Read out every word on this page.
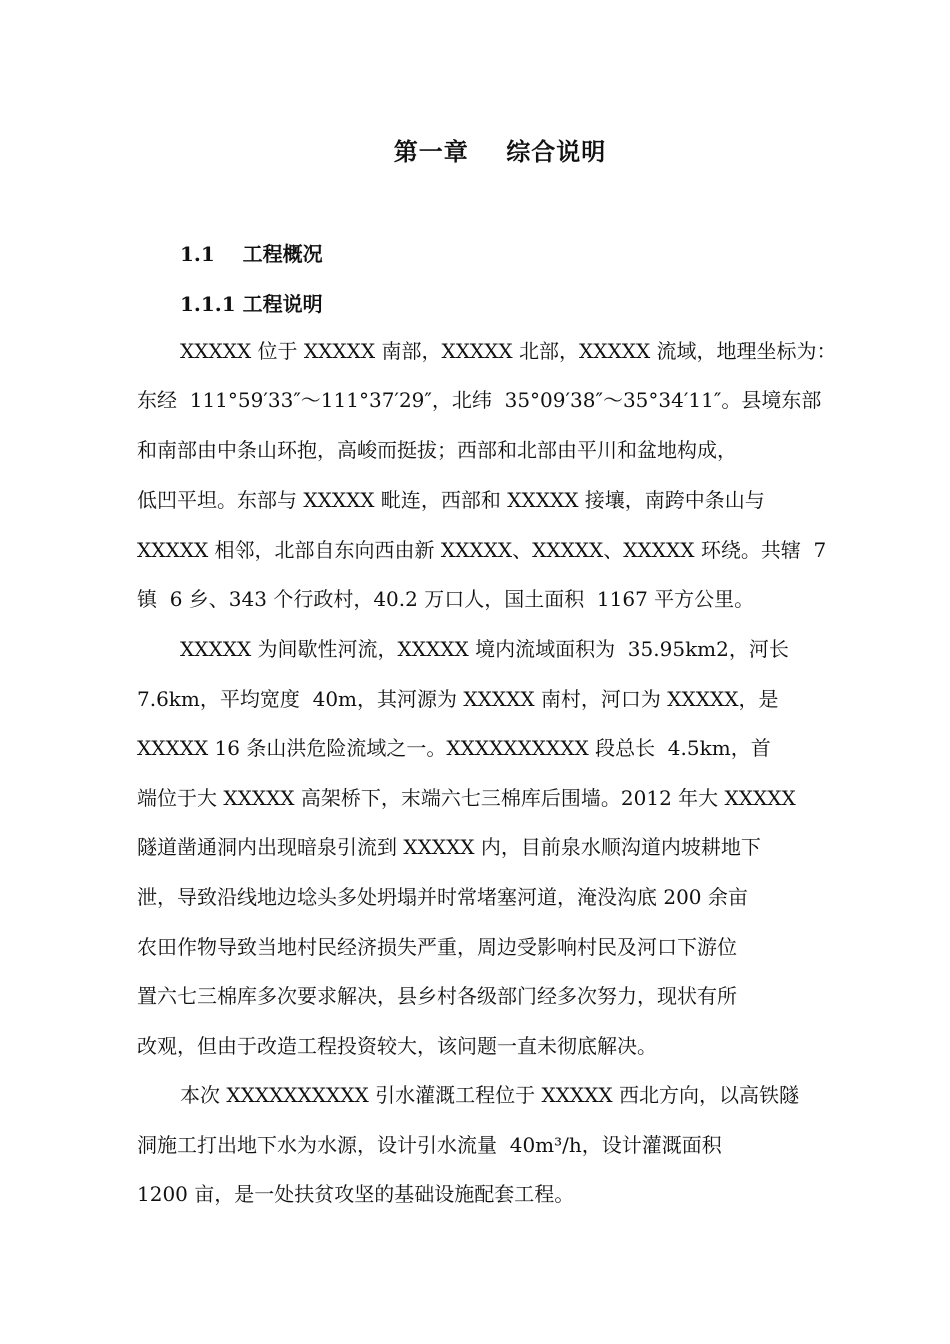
第一章    综合说明
1.1    工程概况
1.1.1 工程说明
XXXXX 位于 XXXXX 南部，XXXXX 北部，XXXXX 流域，地理坐标为：
东经  111°59′33″～111°37′29″，北纬  35°09′38″～35°34′11″。县境东部
和南部由中条山环抱，高峻而挺拔；西部和北部由平川和盆地构成，
低凹平坦。东部与 XXXXX 毗连，西部和 XXXXX 接壤，南跨中条山与
XXXXX 相邻，北部自东向西由新 XXXXX、XXXXX、XXXXX 环绕。共辖  7
镇  6 乡、343 个行政村，40.2 万口人，国土面积  1167 平方公里。
XXXXX 为间歇性河流，XXXXX 境内流域面积为  35.95km2，河长
7.6km，平均宽度  40m，其河源为 XXXXX 南村，河口为 XXXXX，是
XXXXX 16 条山洪危险流域之一。XXXXXXXXXX 段总长  4.5km，首
端位于大 XXXXX 高架桥下，末端六七三棉库后围墙。2012 年大 XXXXX
隧道凿通洞内出现暗泉引流到 XXXXX 内，目前泉水顺沟道内坡耕地下
泄，导致沿线地边埝头多处坍塌并时常堵塞河道，淹没沟底 200 余亩
农田作物导致当地村民经济损失严重，周边受影响村民及河口下游位
置六七三棉库多次要求解决，县乡村各级部门经多次努力，现状有所
改观，但由于改造工程投资较大，该问题一直未彻底解决。
本次 XXXXXXXXXX 引水灌溉工程位于 XXXXX 西北方向，以高铁隧
洞施工打出地下水为水源，设计引水流量  40m³/h，设计灌溉面积
1200 亩，是一处扶贫攻坚的基础设施配套工程。
